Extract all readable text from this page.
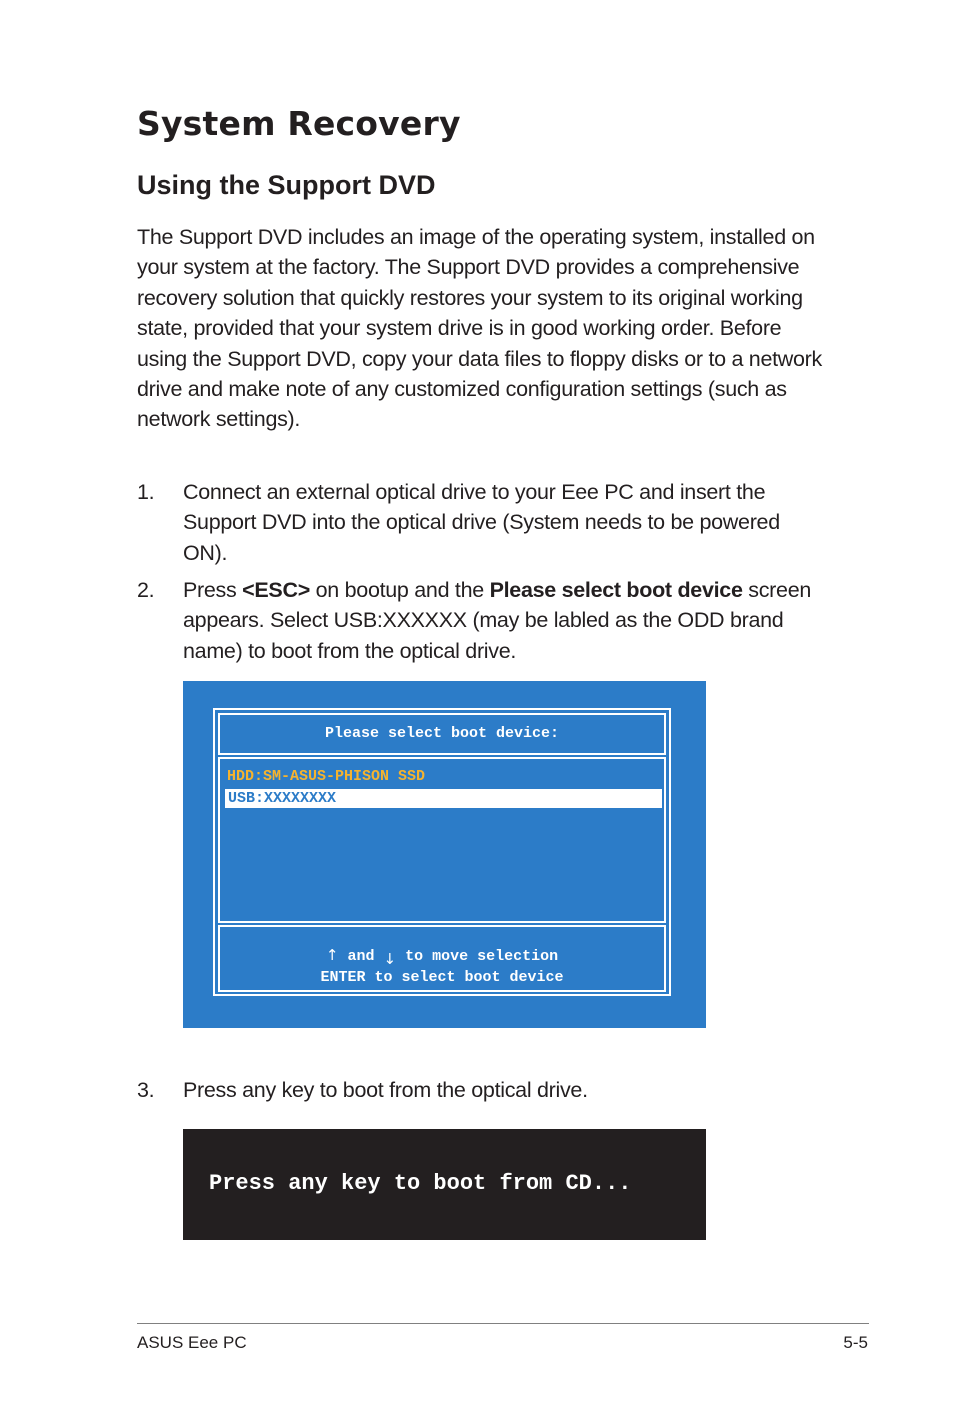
System Recovery
Using the Support DVD

The Support DVD includes an image of the operating system, installed on your system at the factory. The Support DVD provides a comprehensive recovery solution that quickly restores your system to its original working state, provided that your system drive is in good working order. Before using the Support DVD, copy your data files to floppy disks or to a network drive and make note of any customized configuration settings (such as network settings).

1. Connect an external optical drive to your Eee PC and insert the Support DVD into the optical drive (System needs to be powered ON).
2. Press <ESC> on bootup and the Please select boot device screen appears. Select USB:XXXXXX (may be labled as the ODD brand name) to boot from the optical drive.
Please select boot device:
HDD:SM-ASUS-PHISON SSD
USB:XXXXXXXX
↑ and ↓ to move selection
ENTER to select boot device
3. Press any key to boot from the optical drive.
Press any key to boot from CD...
ASUS Eee PC	5-5
